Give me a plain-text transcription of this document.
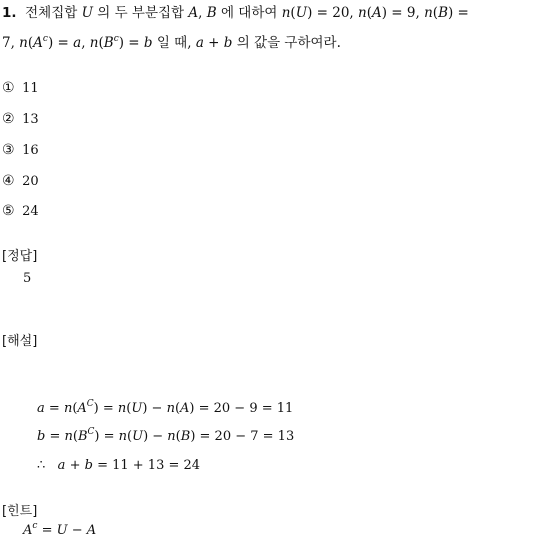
1.  전체집합 U 의 두 부분집합 A, B 에 대하여 n(U) = 20, n(A) = 9, n(B) =
7, $n(A^c) = a$, $n(B^c) = b$ 일 때, a + b 의 값을 구하여라.
① 11
② 13
③ 16
④ 20
⑤ 24
[정답]
5
[해설]
$a = n(A^C) = n(U) - n(A) = 20 - 9 = 11$
$b = n(B^C) = n(U) - n(B) = 20 - 7 = 13$
∴   a + b = 11 + 13 = 24
[힌트]
$A^c = U - A$
